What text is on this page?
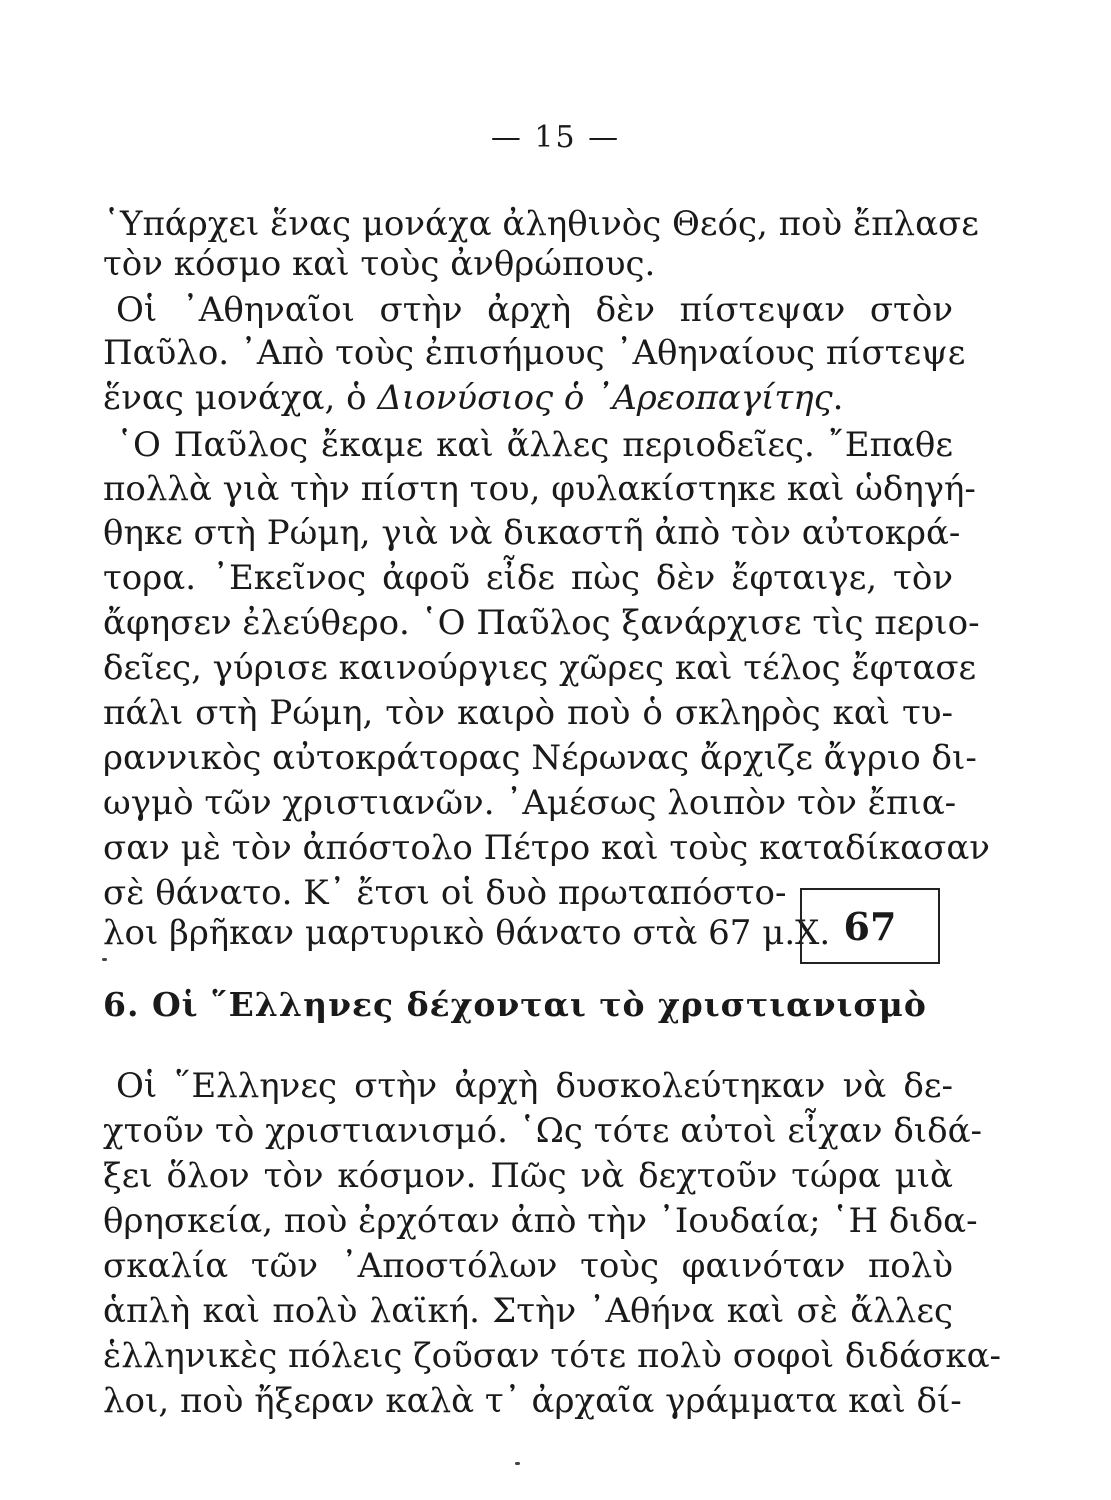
— 15 —
῾Υπάρχει ἕνας μονάχα ἀληθινὸς Θεός, ποὺ ἔπλασε
τὸν κόσμο καὶ τοὺς ἀνθρώπους.
Οἱ ᾿Αθηναῖοι στὴν ἀρχὴ δὲν πίστεψαν στὸν
Παῦλο. ᾿Απὸ τοὺς ἐπισήμους ᾿Αθηναίους πίστεψε
ἕνας μονάχα, ὁ Διονύσιος ὁ ᾿Αρεοπαγίτης.
῾Ο Παῦλος ἔκαμε καὶ ἄλλες περιοδεῖες. ῎Επαθε
πολλὰ γιὰ τὴν πίστη του, φυλακίστηκε καὶ ὡδηγή-
θηκε στὴ Ρώμη, γιὰ νὰ δικαστῆ ἀπὸ τὸν αὐτοκρά-
τορα. ᾿Εκεῖνος ἀφοῦ εἶδε πὼς δὲν ἔφταιγε, τὸν
ἄφησεν ἐλεύθερο. ῾Ο Παῦλος ξανάρχισε τὶς περιο-
δεῖες, γύρισε καινούργιες χῶρες καὶ τέλος ἔφτασε
πάλι στὴ Ρώμη, τὸν καιρὸ ποὺ ὁ σκληρὸς καὶ τυ-
ραννικὸς αὐτοκράτορας Νέρωνας ἄρχιζε ἄγριο δι-
ωγμὸ τῶν χριστιανῶν. ᾿Αμέσως λοιπὸν τὸν ἔπια-
σαν μὲ τὸν ἀπόστολο Πέτρο καὶ τοὺς καταδίκασαν
σὲ θάνατο. Κ᾿ ἔτσι οἱ δυὸ πρωταπόστο-
λοι βρῆκαν μαρτυρικὸ θάνατο στὰ 67 μ.Χ. 67
6. Οἱ ῞Ελληνες δέχονται τὸ χριστιανισμὸ
Οἱ ῞Ελληνες στὴν ἀρχὴ δυσκολεύτηκαν νὰ δε-
χτοῦν τὸ χριστιανισμό. ῾Ως τότε αὐτοὶ εἶχαν διδά-
ξει ὅλον τὸν κόσμον. Πῶς νὰ δεχτοῦν τώρα μιὰ
θρησκεία, ποὺ ἐρχόταν ἀπὸ τὴν ᾿Ιουδαία; ῾Η διδα-
σκαλία τῶν ᾿Αποστόλων τοὺς φαινόταν πολὺ
ἁπλὴ καὶ πολὺ λαϊκή. Στὴν ᾿Αθήνα καὶ σὲ ἄλλες
ἑλληνικὲς πόλεις ζοῦσαν τότε πολὺ σοφοὶ διδάσκα-
λοι, ποὺ ἤξεραν καλὰ τ᾿ ἀρχαῖα γράμματα καὶ δί-
